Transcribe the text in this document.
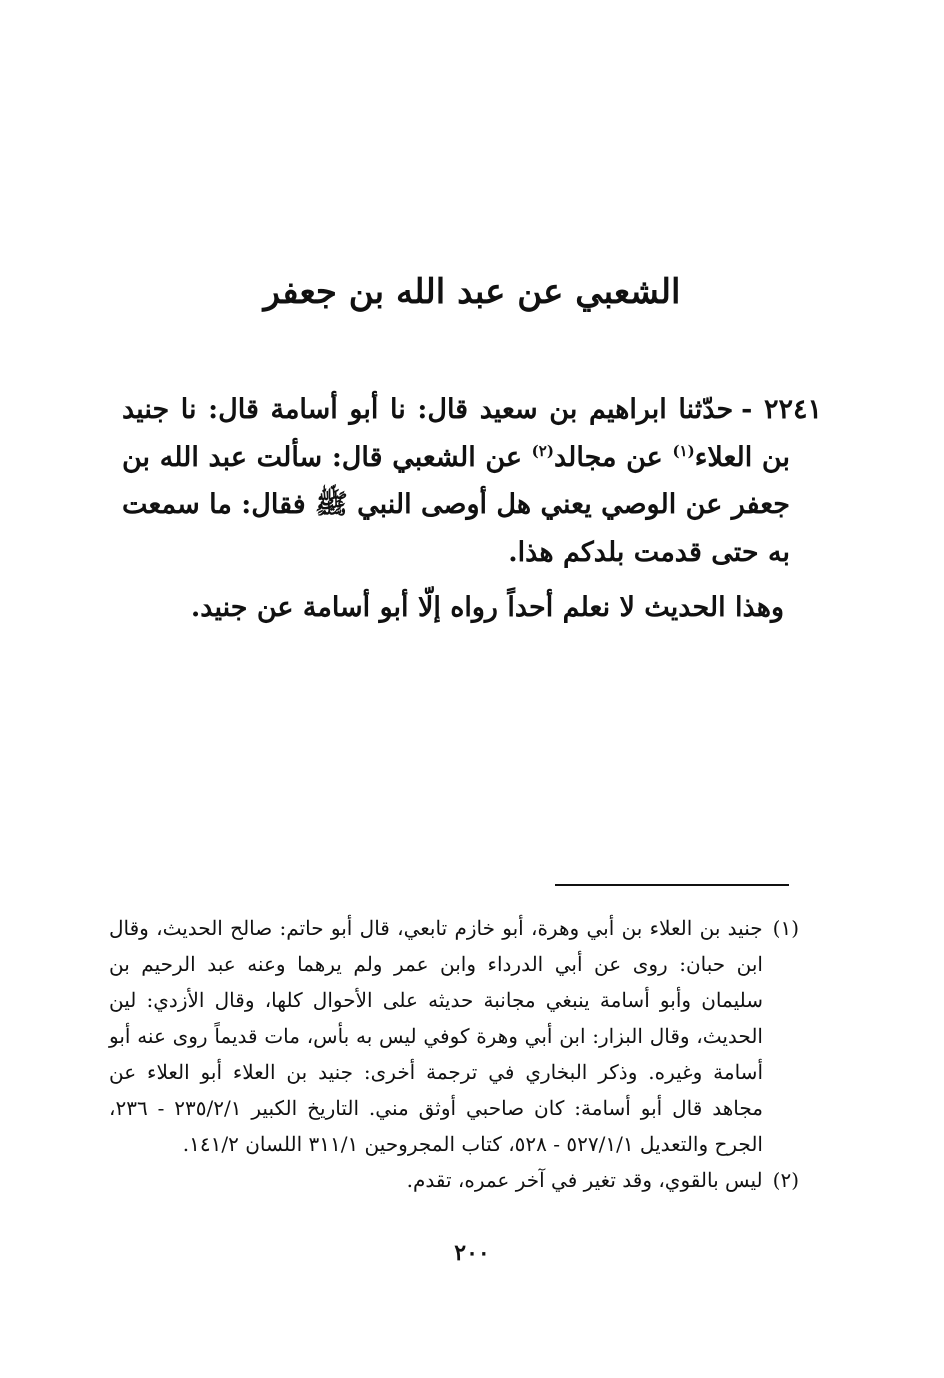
الشعبي عن عبد الله بن جعفر

٢٢٤١ -حدّثنا ابراهيم بن سعيد قال: نا أبو أسامة قال: نا جنيد بن العلاء$^{(١)}$ عن مجالد$^{(٢)}$ عن الشعبي قال: سألت عبد الله بن جعفر عن الوصي يعني هل أوصى النبي ﷺ فقال: ما سمعت به حتى قدمت بلدكم هذا.

وهذا الحديث لا نعلم أحداً رواه إلّا أبو أسامة عن جنيد.

(١)جنيد بن العلاء بن أبي وهرة، أبو خازم تابعي، قال أبو حاتم: صالح الحديث، وقال ابن حبان: روى عن أبي الدرداء وابن عمر ولم يرهما وعنه عبد الرحيم بن سليمان وأبو أسامة ينبغي مجانبة حديثه على الأحوال كلها، وقال الأزدي: لين الحديث، وقال البزار: ابن أبي وهرة كوفي ليس به بأس، مات قديماً روى عنه أبو أسامة وغيره. وذكر البخاري في ترجمة أخرى: جنيد بن العلاء أبو العلاء عن مجاهد قال أبو أسامة: كان صاحبي أوثق مني. التاريخ الكبير ٢٣٥/٢/١ - ٢٣٦، الجرح والتعديل ٥٢٧/١/١ - ٥٢٨، كتاب المجروحين ٣١١/١ اللسان ١٤١/٢.

(٢)ليس بالقوي، وقد تغير في آخر عمره، تقدم.

٢٠٠
